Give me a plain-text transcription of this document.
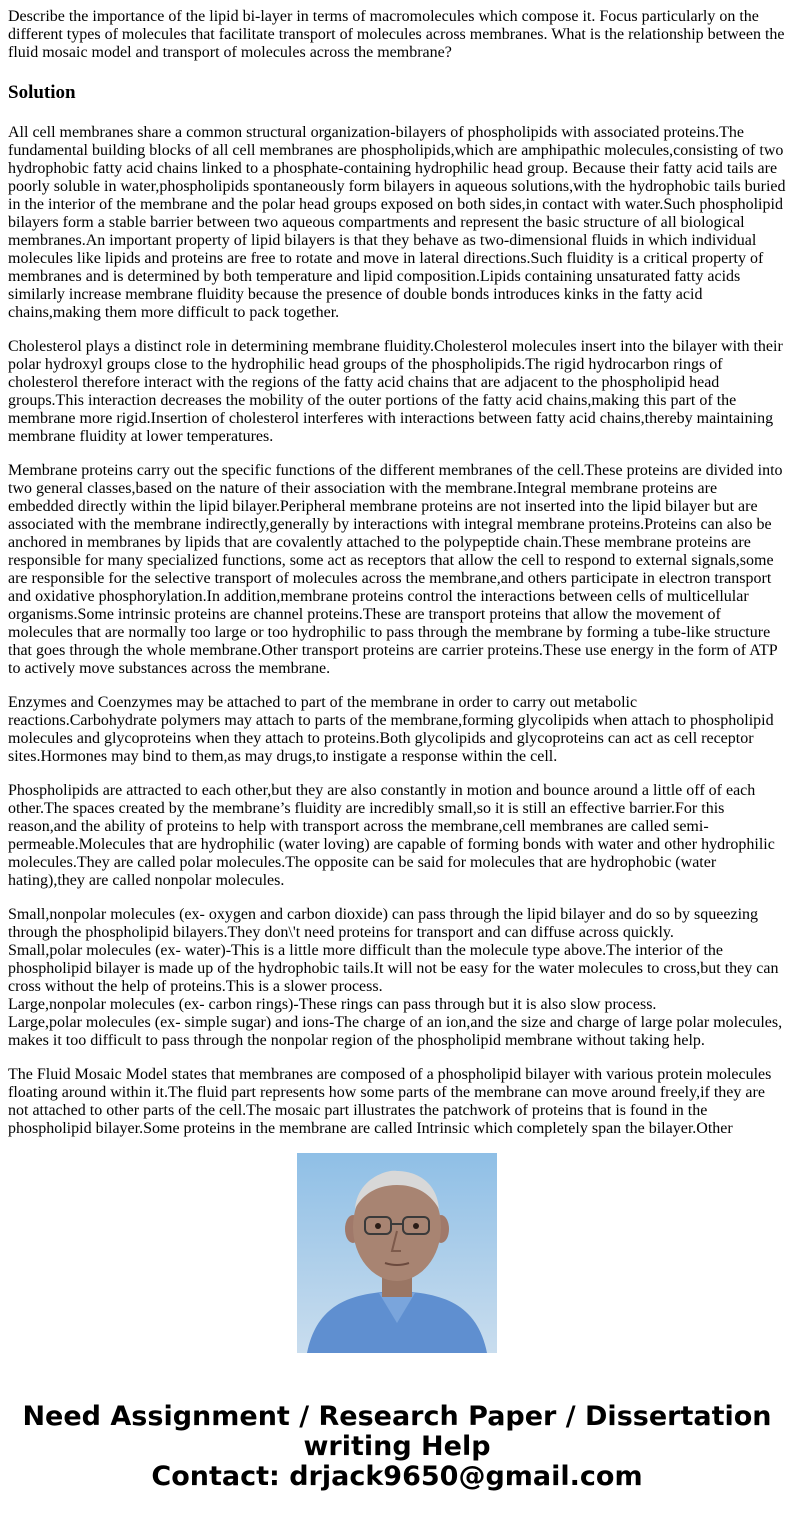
Describe the importance of the lipid bi-layer in terms of macromolecules which compose it. Focus particularly on the different types of molecules that facilitate transport of molecules across membranes. What is the relationship between the fluid mosaic model and transport of molecules across the membrane?
Solution
All cell membranes share a common structural organization-bilayers of phospholipids with associated proteins.The fundamental building blocks of all cell membranes are phospholipids,which are amphipathic molecules,consisting of two hydrophobic fatty acid chains linked to a phosphate-containing hydrophilic head group. Because their fatty acid tails are poorly soluble in water,phospholipids spontaneously form bilayers in aqueous solutions,with the hydrophobic tails buried in the interior of the membrane and the polar head groups exposed on both sides,in contact with water.Such phospholipid bilayers form a stable barrier between two aqueous compartments and represent the basic structure of all biological membranes.An important property of lipid bilayers is that they behave as two-dimensional fluids in which individual molecules like lipids and proteins are free to rotate and move in lateral directions.Such fluidity is a critical property of membranes and is determined by both temperature and lipid composition.Lipids containing unsaturated fatty acids similarly increase membrane fluidity because the presence of double bonds introduces kinks in the fatty acid chains,making them more difficult to pack together.
Cholesterol plays a distinct role in determining membrane fluidity.Cholesterol molecules insert into the bilayer with their polar hydroxyl groups close to the hydrophilic head groups of the phospholipids.The rigid hydrocarbon rings of cholesterol therefore interact with the regions of the fatty acid chains that are adjacent to the phospholipid head groups.This interaction decreases the mobility of the outer portions of the fatty acid chains,making this part of the membrane more rigid.Insertion of cholesterol interferes with interactions between fatty acid chains,thereby maintaining membrane fluidity at lower temperatures.
Membrane proteins carry out the specific functions of the different membranes of the cell.These proteins are divided into two general classes,based on the nature of their association with the membrane.Integral membrane proteins are embedded directly within the lipid bilayer.Peripheral membrane proteins are not inserted into the lipid bilayer but are associated with the membrane indirectly,generally by interactions with integral membrane proteins.Proteins can also be anchored in membranes by lipids that are covalently attached to the polypeptide chain.These membrane proteins are responsible for many specialized functions, some act as receptors that allow the cell to respond to external signals,some are responsible for the selective transport of molecules across the membrane,and others participate in electron transport and oxidative phosphorylation.In addition,membrane proteins control the interactions between cells of multicellular organisms.Some intrinsic proteins are channel proteins.These are transport proteins that allow the movement of molecules that are normally too large or too hydrophilic to pass through the membrane by forming a tube-like structure that goes through the whole membrane.Other transport proteins are carrier proteins.These use energy in the form of ATP to actively move substances across the membrane.
Enzymes and Coenzymes may be attached to part of the membrane in order to carry out metabolic reactions.Carbohydrate polymers may attach to parts of the membrane,forming glycolipids when attach to phospholipid molecules and glycoproteins when they attach to proteins.Both glycolipids and glycoproteins can act as cell receptor sites.Hormones may bind to them,as may drugs,to instigate a response within the cell.
Phospholipids are attracted to each other,but they are also constantly in motion and bounce around a little off of each other.The spaces created by the membrane’s fluidity are incredibly small,so it is still an effective barrier.For this reason,and the ability of proteins to help with transport across the membrane,cell membranes are called semi-permeable.Molecules that are hydrophilic (water loving) are capable of forming bonds with water and other hydrophilic molecules.They are called polar molecules.The opposite can be said for molecules that are hydrophobic (water hating),they are called nonpolar molecules.
Small,nonpolar molecules (ex- oxygen and carbon dioxide) can pass through the lipid bilayer and do so by squeezing through the phospholipid bilayers.They don\'t need proteins for transport and can diffuse across quickly.
Small,polar molecules (ex- water)-This is a little more difficult than the molecule type above.The interior of the phospholipid bilayer is made up of the hydrophobic tails.It will not be easy for the water molecules to cross,but they can cross without the help of proteins.This is a slower process.
Large,nonpolar molecules (ex- carbon rings)-These rings can pass through but it is also slow process.
Large,polar molecules (ex- simple sugar) and ions-The charge of an ion,and the size and charge of large polar molecules, makes it too difficult to pass through the nonpolar region of the phospholipid membrane without taking help.
The Fluid Mosaic Model states that membranes are composed of a phospholipid bilayer with various protein molecules floating around within it.The fluid part represents how some parts of the membrane can move around freely,if they are not attached to other parts of the cell.The mosaic part illustrates the patchwork of proteins that is found in the phospholipid bilayer.Some proteins in the membrane are called Intrinsic which completely span the bilayer.Other
Need Assignment / Research Paper / Dissertation
writing Help
Contact: drjack9650@gmail.com
